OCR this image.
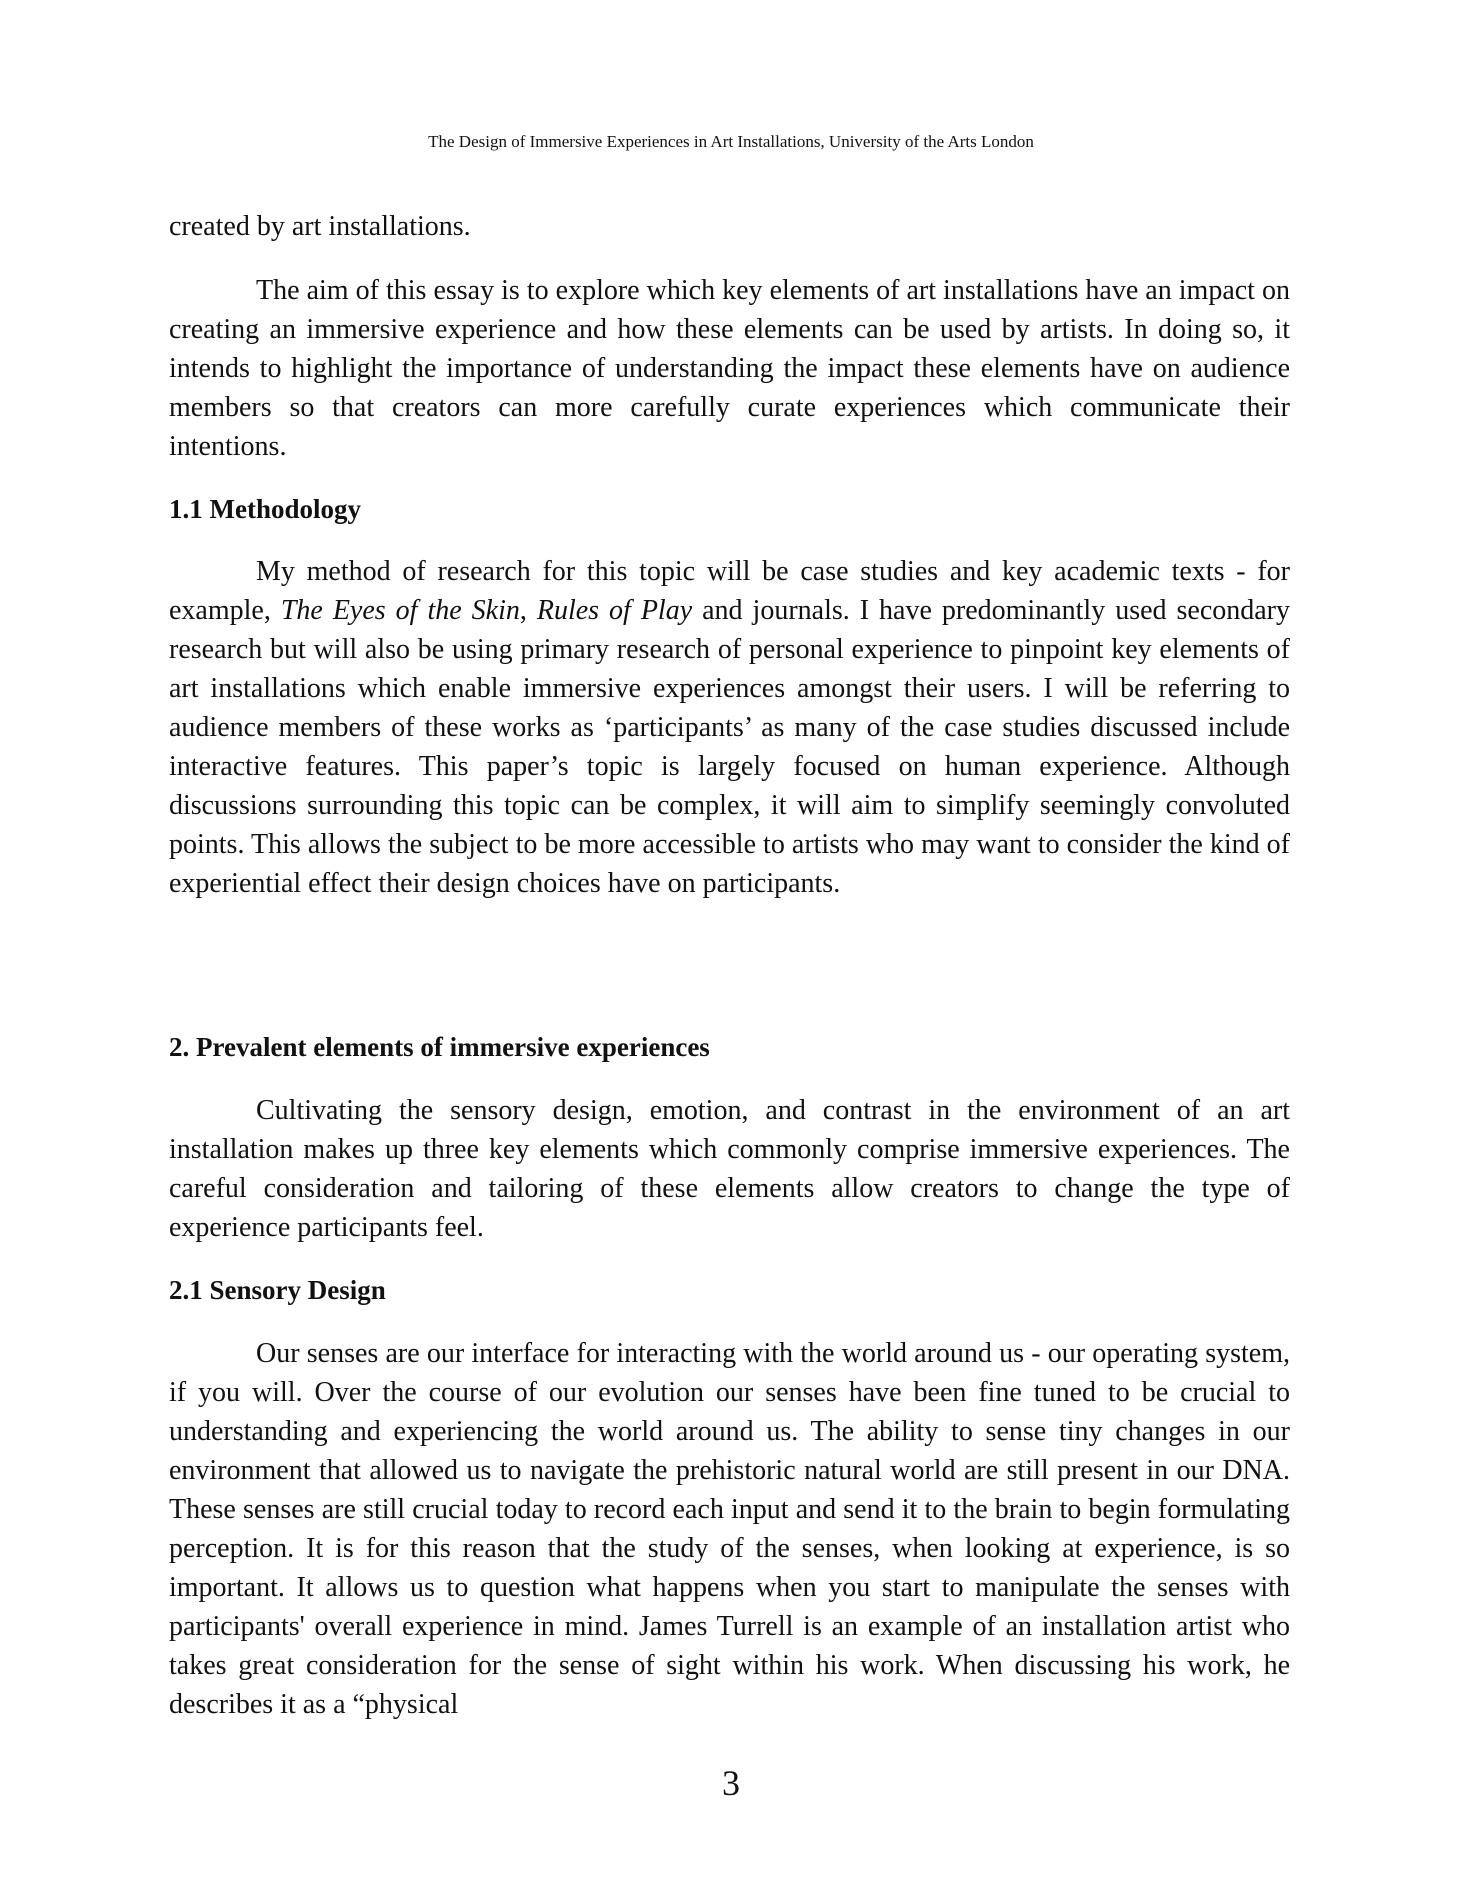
The Design of Immersive Experiences in Art Installations, University of the Arts London

created by art installations.

The aim of this essay is to explore which key elements of art installations have an impact on creating an immersive experience and how these elements can be used by artists. In doing so, it intends to highlight the importance of understanding the impact these elements have on audience members so that creators can more carefully curate experiences which communicate their intentions.

1.1 Methodology

My method of research for this topic will be case studies and key academic texts - for example, The Eyes of the Skin, Rules of Play and journals. I have predominantly used secondary research but will also be using primary research of personal experience to pinpoint key elements of art installations which enable immersive experiences amongst their users. I will be referring to audience members of these works as ‘participants’ as many of the case studies discussed include interactive features. This paper’s topic is largely focused on human experience. Although discussions surrounding this topic can be complex, it will aim to simplify seemingly convoluted points. This allows the subject to be more accessible to artists who may want to consider the kind of experiential effect their design choices have on participants.

2. Prevalent elements of immersive experiences

Cultivating the sensory design, emotion, and contrast in the environment of an art installation makes up three key elements which commonly comprise immersive experiences. The careful consideration and tailoring of these elements allow creators to change the type of experience participants feel.

2.1 Sensory Design

Our senses are our interface for interacting with the world around us - our operating system, if you will. Over the course of our evolution our senses have been fine tuned to be crucial to understanding and experiencing the world around us. The ability to sense tiny changes in our environment that allowed us to navigate the prehistoric natural world are still present in our DNA. These senses are still crucial today to record each input and send it to the brain to begin formulating perception. It is for this reason that the study of the senses, when looking at experience, is so important. It allows us to question what happens when you start to manipulate the senses with participants' overall experience in mind. James Turrell is an example of an installation artist who takes great consideration for the sense of sight within his work. When discussing his work, he describes it as a “physical

3
